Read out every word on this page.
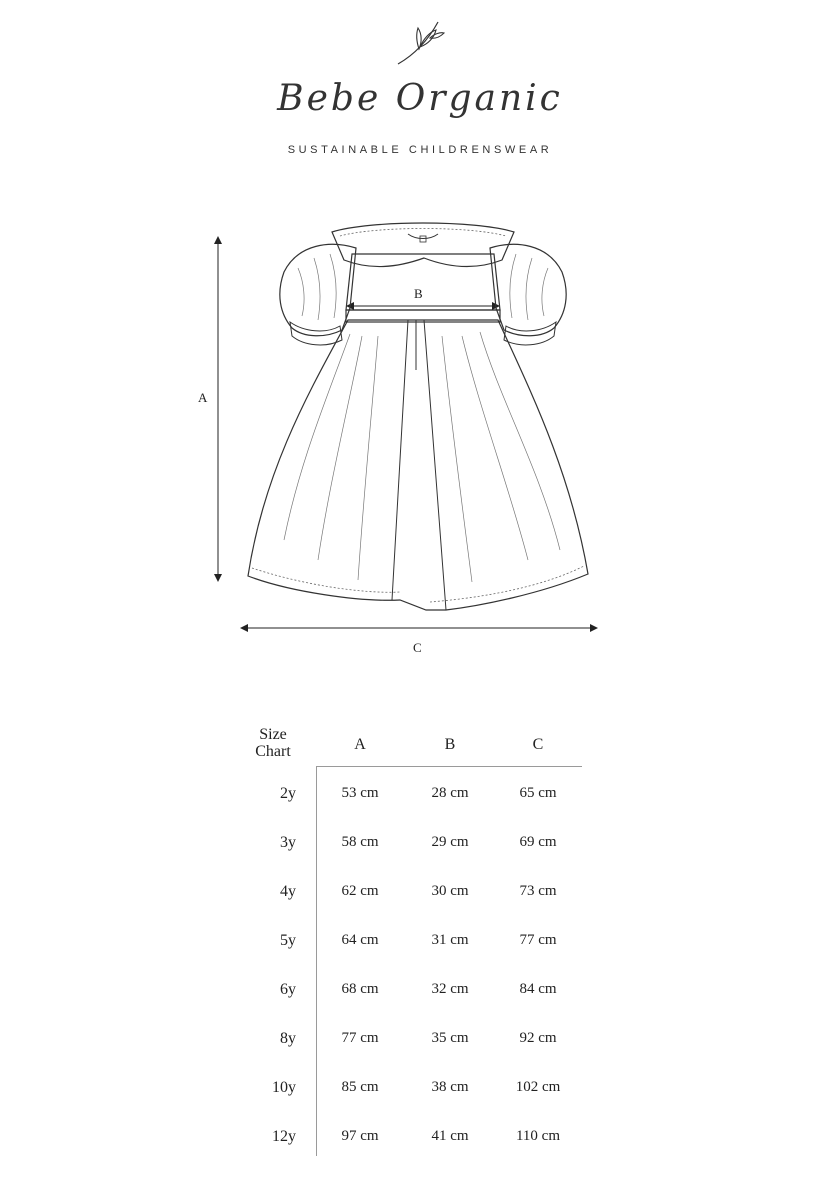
Bebe Organic
SUSTAINABLE CHILDRENSWEAR
A
B
C
Size
Chart	A	B	C
2y	53 cm	28 cm	65 cm
3y	58 cm	29 cm	69 cm
4y	62 cm	30 cm	73 cm
5y	64 cm	31 cm	77 cm
6y	68 cm	32 cm	84 cm
8y	77 cm	35 cm	92 cm
10y	85 cm	38 cm	102 cm
12y	97 cm	41 cm	110 cm
